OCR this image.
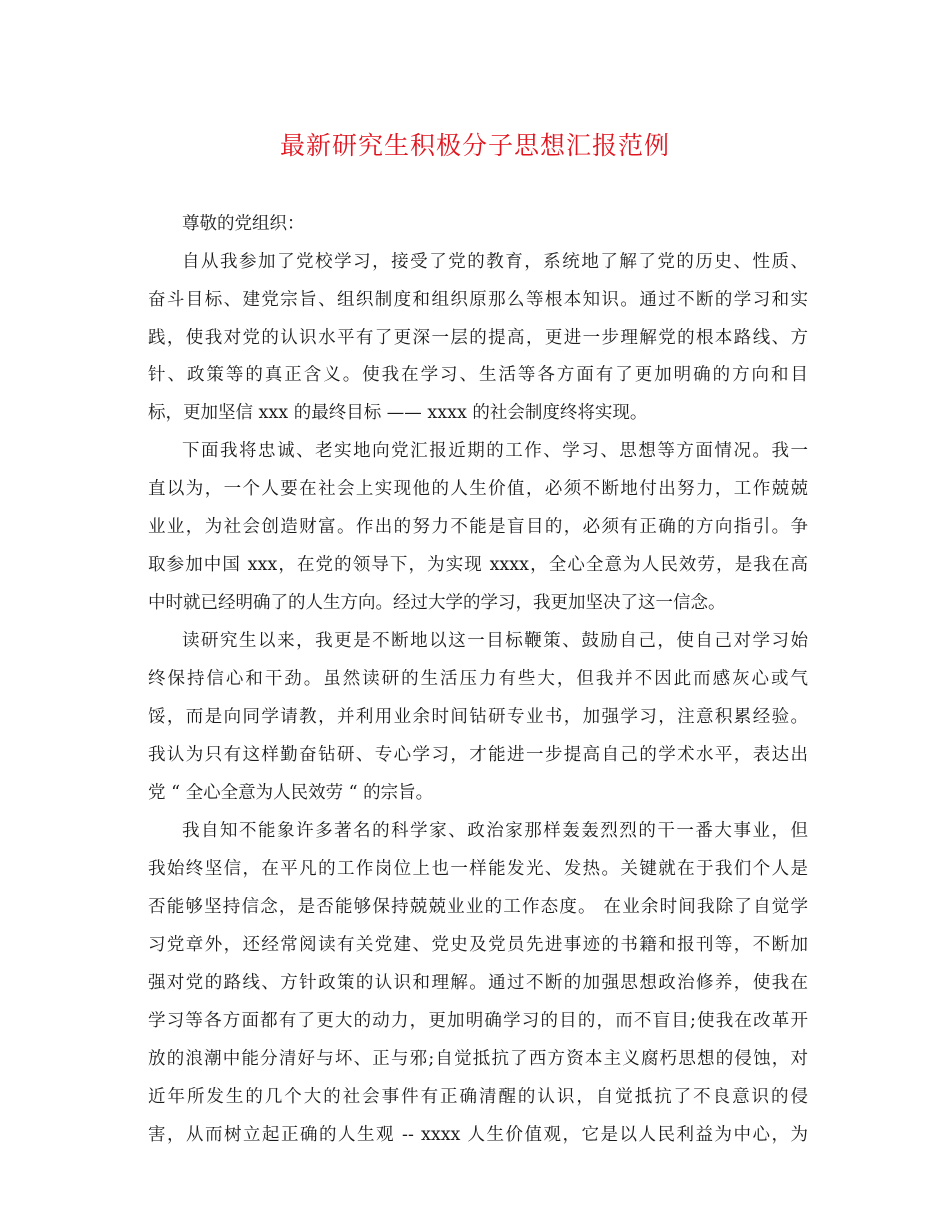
最新研究生积极分子思想汇报范例
尊敬的党组织：
自从我参加了党校学习，接受了党的教育，系统地了解了党的历史、性质、
奋斗目标、建党宗旨、组织制度和组织原那么等根本知识。通过不断的学习和实
践，使我对党的认识水平有了更深一层的提高，更进一步理解党的根本路线、方
针、政策等的真正含义。使我在学习、生活等各方面有了更加明确的方向和目
标，更加坚信 xxx 的最终目标 —— xxxx 的社会制度终将实现。
下面我将忠诚、老实地向党汇报近期的工作、学习、思想等方面情况。我一
直以为，一个人要在社会上实现他的人生价值，必须不断地付出努力，工作兢兢
业业，为社会创造财富。作出的努力不能是盲目的，必须有正确的方向指引。争
取参加中国 xxx，在党的领导下，为实现 xxxx，全心全意为人民效劳，是我在高
中时就已经明确了的人生方向。经过大学的学习，我更加坚决了这一信念。
读研究生以来，我更是不断地以这一目标鞭策、鼓励自己，使自己对学习始
终保持信心和干劲。虽然读研的生活压力有些大，但我并不因此而感灰心或气
馁，而是向同学请教，并利用业余时间钻研专业书，加强学习，注意积累经验。
我认为只有这样勤奋钻研、专心学习，才能进一步提高自己的学术水平，表达出
党 “ 全心全意为人民效劳 “ 的宗旨。
我自知不能象许多著名的科学家、政治家那样轰轰烈烈的干一番大事业，但
我始终坚信，在平凡的工作岗位上也一样能发光、发热。关键就在于我们个人是
否能够坚持信念，是否能够保持兢兢业业的工作态度。 在业余时间我除了自觉学
习党章外，还经常阅读有关党建、党史及党员先进事迹的书籍和报刊等，不断加
强对党的路线、方针政策的认识和理解。通过不断的加强思想政治修养，使我在
学习等各方面都有了更大的动力，更加明确学习的目的，而不盲目;使我在改革开
放的浪潮中能分清好与坏、正与邪;自觉抵抗了西方资本主义腐朽思想的侵蚀，对
近年所发生的几个大的社会事件有正确清醒的认识，自觉抵抗了不良意识的侵
害，从而树立起正确的人生观 -- xxxx 人生价值观，它是以人民利益为中心，为
